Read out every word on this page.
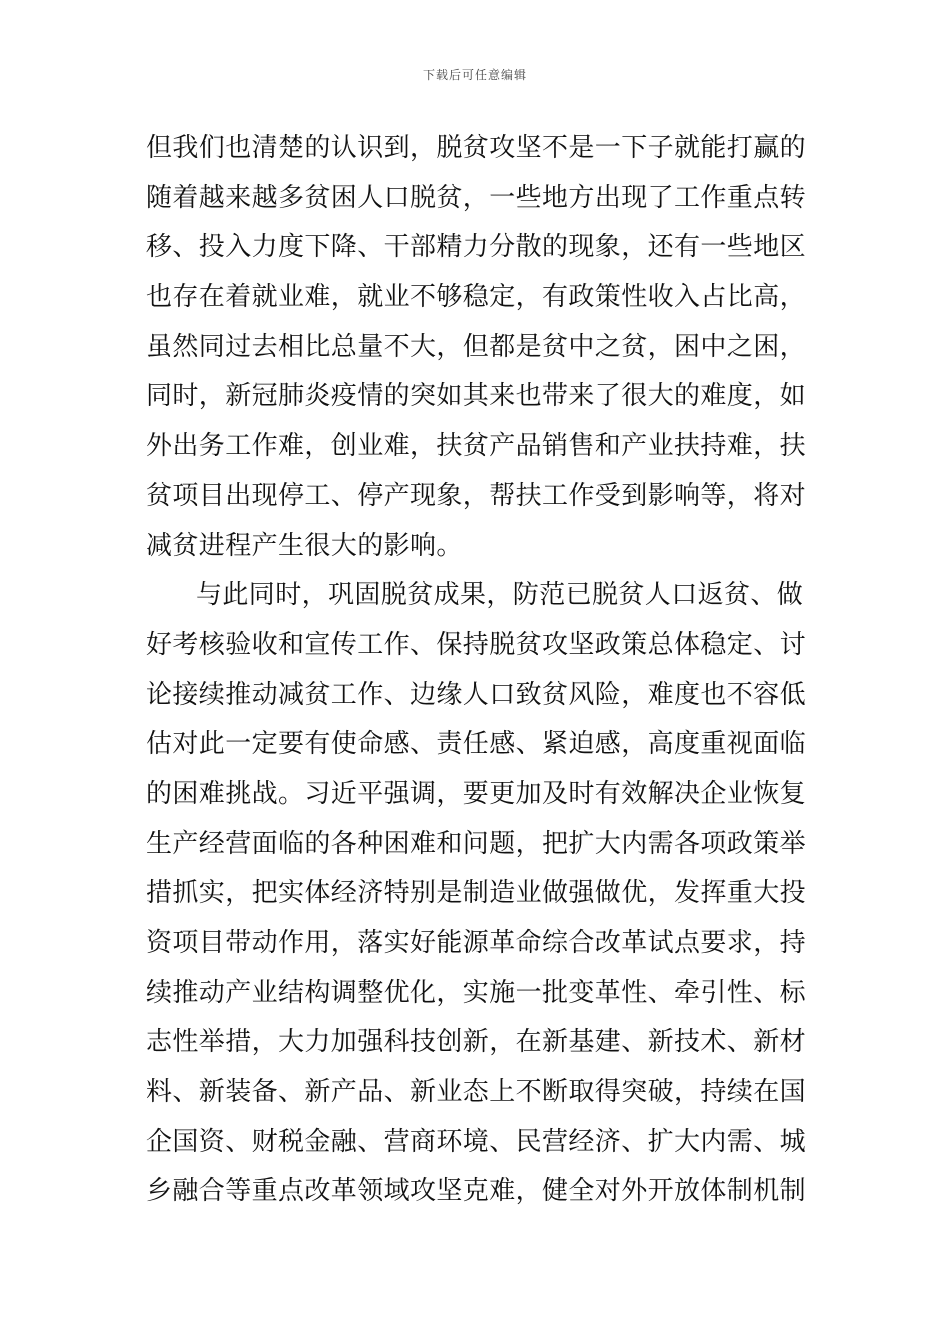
下载后可任意编辑
但我们也清楚的认识到，脱贫攻坚不是一下子就能打赢的
随着越来越多贫困人口脱贫，一些地方出现了工作重点转
移、投入力度下降、干部精力分散的现象，还有一些地区
也存在着就业难，就业不够稳定，有政策性收入占比高，
虽然同过去相比总量不大，但都是贫中之贫，困中之困，
同时，新冠肺炎疫情的突如其来也带来了很大的难度，如
外出务工作难，创业难，扶贫产品销售和产业扶持难，扶
贫项目出现停工、停产现象，帮扶工作受到影响等，将对
减贫进程产生很大的影响。
与此同时，巩固脱贫成果，防范已脱贫人口返贫、做
好考核验收和宣传工作、保持脱贫攻坚政策总体稳定、讨
论接续推动减贫工作、边缘人口致贫风险，难度也不容低
估对此一定要有使命感、责任感、紧迫感，高度重视面临
的困难挑战。习近平强调，要更加及时有效解决企业恢复
生产经营面临的各种困难和问题，把扩大内需各项政策举
措抓实，把实体经济特别是制造业做强做优，发挥重大投
资项目带动作用，落实好能源革命综合改革试点要求，持
续推动产业结构调整优化，实施一批变革性、牵引性、标
志性举措，大力加强科技创新，在新基建、新技术、新材
料、新装备、新产品、新业态上不断取得突破，持续在国
企国资、财税金融、营商环境、民营经济、扩大内需、城
乡融合等重点改革领域攻坚克难，健全对外开放体制机制
